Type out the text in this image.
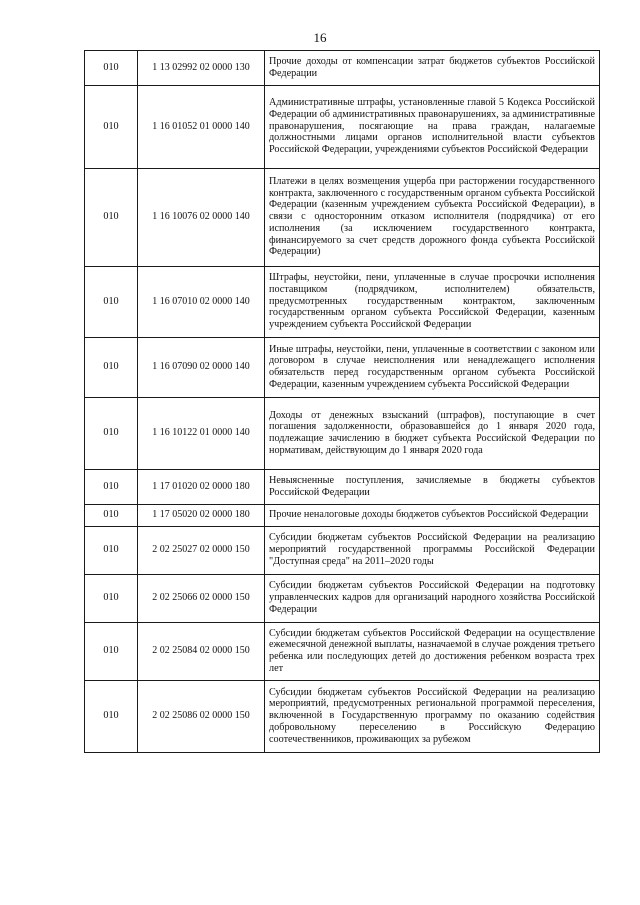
16
010	1 13 02992 02 0000 130	Прочие доходы от компенсации затрат бюджетов субъектов Российской Федерации
010	1 16 01052 01 0000 140	Административные штрафы, установленные главой 5 Кодекса Российской Федерации об административных правонарушениях, за административные правонарушения, посягающие на права граждан, налагаемые должностными лицами органов исполнительной власти субъектов Российской Федерации, учреждениями субъектов Российской Федерации
010	1 16 10076 02 0000 140	Платежи в целях возмещения ущерба при расторжении государственного контракта, заключенного с государственным органом субъекта Российской Федерации (казенным учреждением субъекта Российской Федерации), в связи с односторонним отказом исполнителя (подрядчика) от его исполнения (за исключением государственного контракта, финансируемого за счет средств дорожного фонда субъекта Российской Федерации)
010	1 16 07010 02 0000 140	Штрафы, неустойки, пени, уплаченные в случае просрочки исполнения поставщиком (подрядчиком, исполнителем) обязательств, предусмотренных государственным контрактом, заключенным государственным органом субъекта Российской Федерации, казенным учреждением субъекта Российской Федерации
010	1 16 07090 02 0000 140	Иные штрафы, неустойки, пени, уплаченные в соответствии с законом или договором в случае неисполнения или ненадлежащего исполнения обязательств перед государственным органом субъекта Российской Федерации, казенным учреждением субъекта Российской Федерации
010	1 16 10122 01 0000 140	Доходы от денежных взысканий (штрафов), поступающие в счет погашения задолженности, образовавшейся до 1 января 2020 года, подлежащие зачислению в бюджет субъекта Российской Федерации по нормативам, действующим до 1 января 2020 года
010	1 17 01020 02 0000 180	Невыясненные поступления, зачисляемые в бюджеты субъектов Российской Федерации
010	1 17 05020 02 0000 180	Прочие неналоговые доходы бюджетов субъектов Российской Федерации
010	2 02 25027 02 0000 150	Субсидии бюджетам субъектов Российской Федерации на реализацию мероприятий государственной программы Российской Федерации "Доступная среда" на 2011–2020 годы
010	2 02 25066 02 0000 150	Субсидии бюджетам субъектов Российской Федерации на подготовку управленческих кадров для организаций народного хозяйства Российской Федерации
010	2 02 25084 02 0000 150	Субсидии бюджетам субъектов Российской Федерации на осуществление ежемесячной денежной выплаты, назначаемой в случае рождения третьего ребенка или последующих детей до достижения ребенком возраста трех лет
010	2 02 25086 02 0000 150	Субсидии бюджетам субъектов Российской Федерации на реализацию мероприятий, предусмотренных региональной программой переселения, включенной в Государственную программу по оказанию содействия добровольному переселению в Российскую Федерацию соотечественников, проживающих за рубежом
